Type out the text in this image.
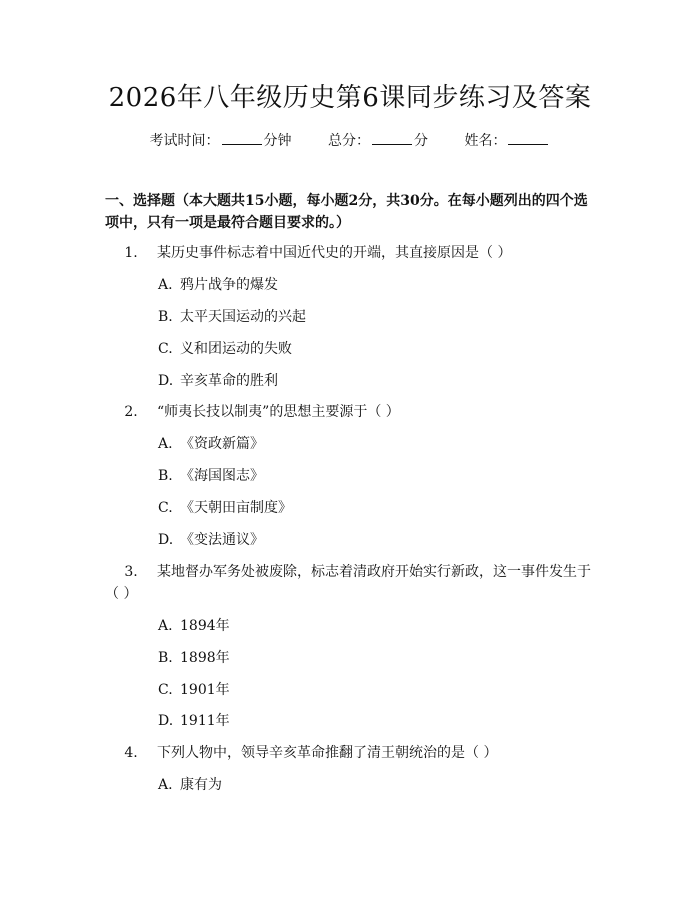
2026年八年级历史第6课同步练习及答案
考试时间：	分钟	总分：	分	姓名：
一、选择题（本大题共15小题，每小题2分，共30分。在每小题列出的四个选项中，只有一项是最符合题目要求的。）
1. 某历史事件标志着中国近代史的开端，其直接原因是（ ）
A. 鸦片战争的爆发
B. 太平天国运动的兴起
C. 义和团运动的失败
D. 辛亥革命的胜利
2. “师夷长技以制夷”的思想主要源于（ ）
A. 《资政新篇》
B. 《海国图志》
C. 《天朝田亩制度》
D. 《变法通议》
3. 某地督办军务处被废除，标志着清政府开始实行新政，这一事件发生于（ ）
A. 1894年
B. 1898年
C. 1901年
D. 1911年
4. 下列人物中，领导辛亥革命推翻了清王朝统治的是（ ）
A. 康有为
